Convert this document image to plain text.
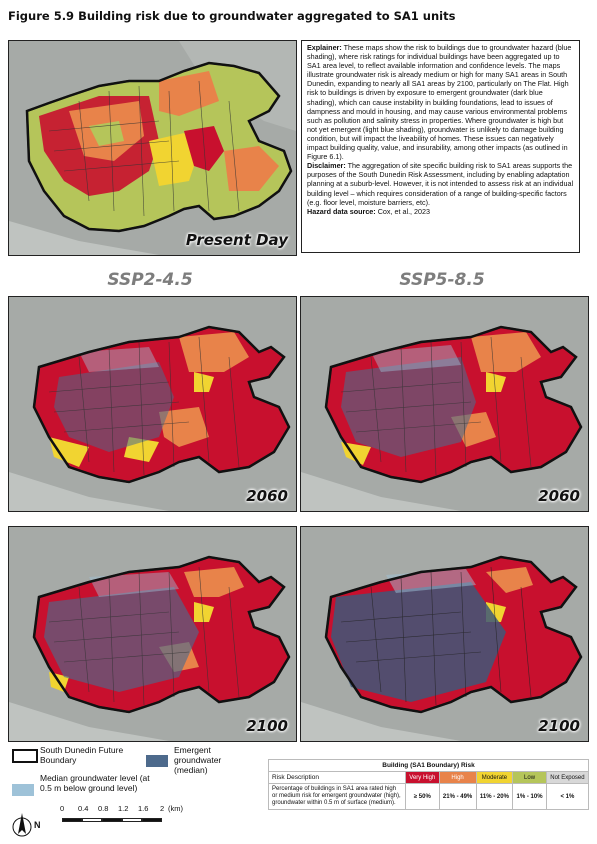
Figure 5.9 Building risk due to groundwater aggregated to SA1 units
Present Day

Explainer: These maps show the risk to buildings due to groundwater hazard (blue shading), where risk ratings for individual buildings have been aggregated up to SA1 area level, to reflect available information and confidence levels. The maps illustrate groundwater risk is already medium or high for many SA1 areas in South Dunedin, expanding to nearly all SA1 areas by 2100, particularly on The Flat. High risk to buildings is driven by exposure to emergent groundwater (dark blue shading), which can cause instability in building foundations, lead to issues of dampness and mould in housing, and may cause various environmental problems such as pollution and salinity stress in properties. Where groundwater is high but not yet emergent (light blue shading), groundwater is unlikely to damage building condition, but will impact the liveability of homes. These issues can negatively impact building quality, value, and insurability, among other impacts (as outlined in Figure 6.1).

Disclaimer: The aggregation of site specific building risk to SA1 areas supports the purposes of the South Dunedin Risk Assessment, including by enabling adaptation planning at a suburb-level. However, it is not intended to assess risk at an individual building level – which requires consideration of a range of building-specific factors (e.g. floor level, moisture barriers, etc).

Hazard data source: Cox, et al., 2023

SSP2-4.5	SSP5-8.5
2060	2060
2100	2100
South Dunedin Future Boundary
Emergent groundwater (median)
Median groundwater level (at 0.5 m below ground level)
N
0 0.4 0.8 1.2 1.6 2 (km)
Building (SA1 Boundary) Risk					
Risk Description	Very High	High	Moderate	Low	Not Exposed
Percentage of buildings in SA1 area rated high or medium risk for emergent groundwater (high), groundwater within 0.5 m of surface (medium).	≥ 50%	21% - 49%	11% - 20%	1% - 10%	< 1%
